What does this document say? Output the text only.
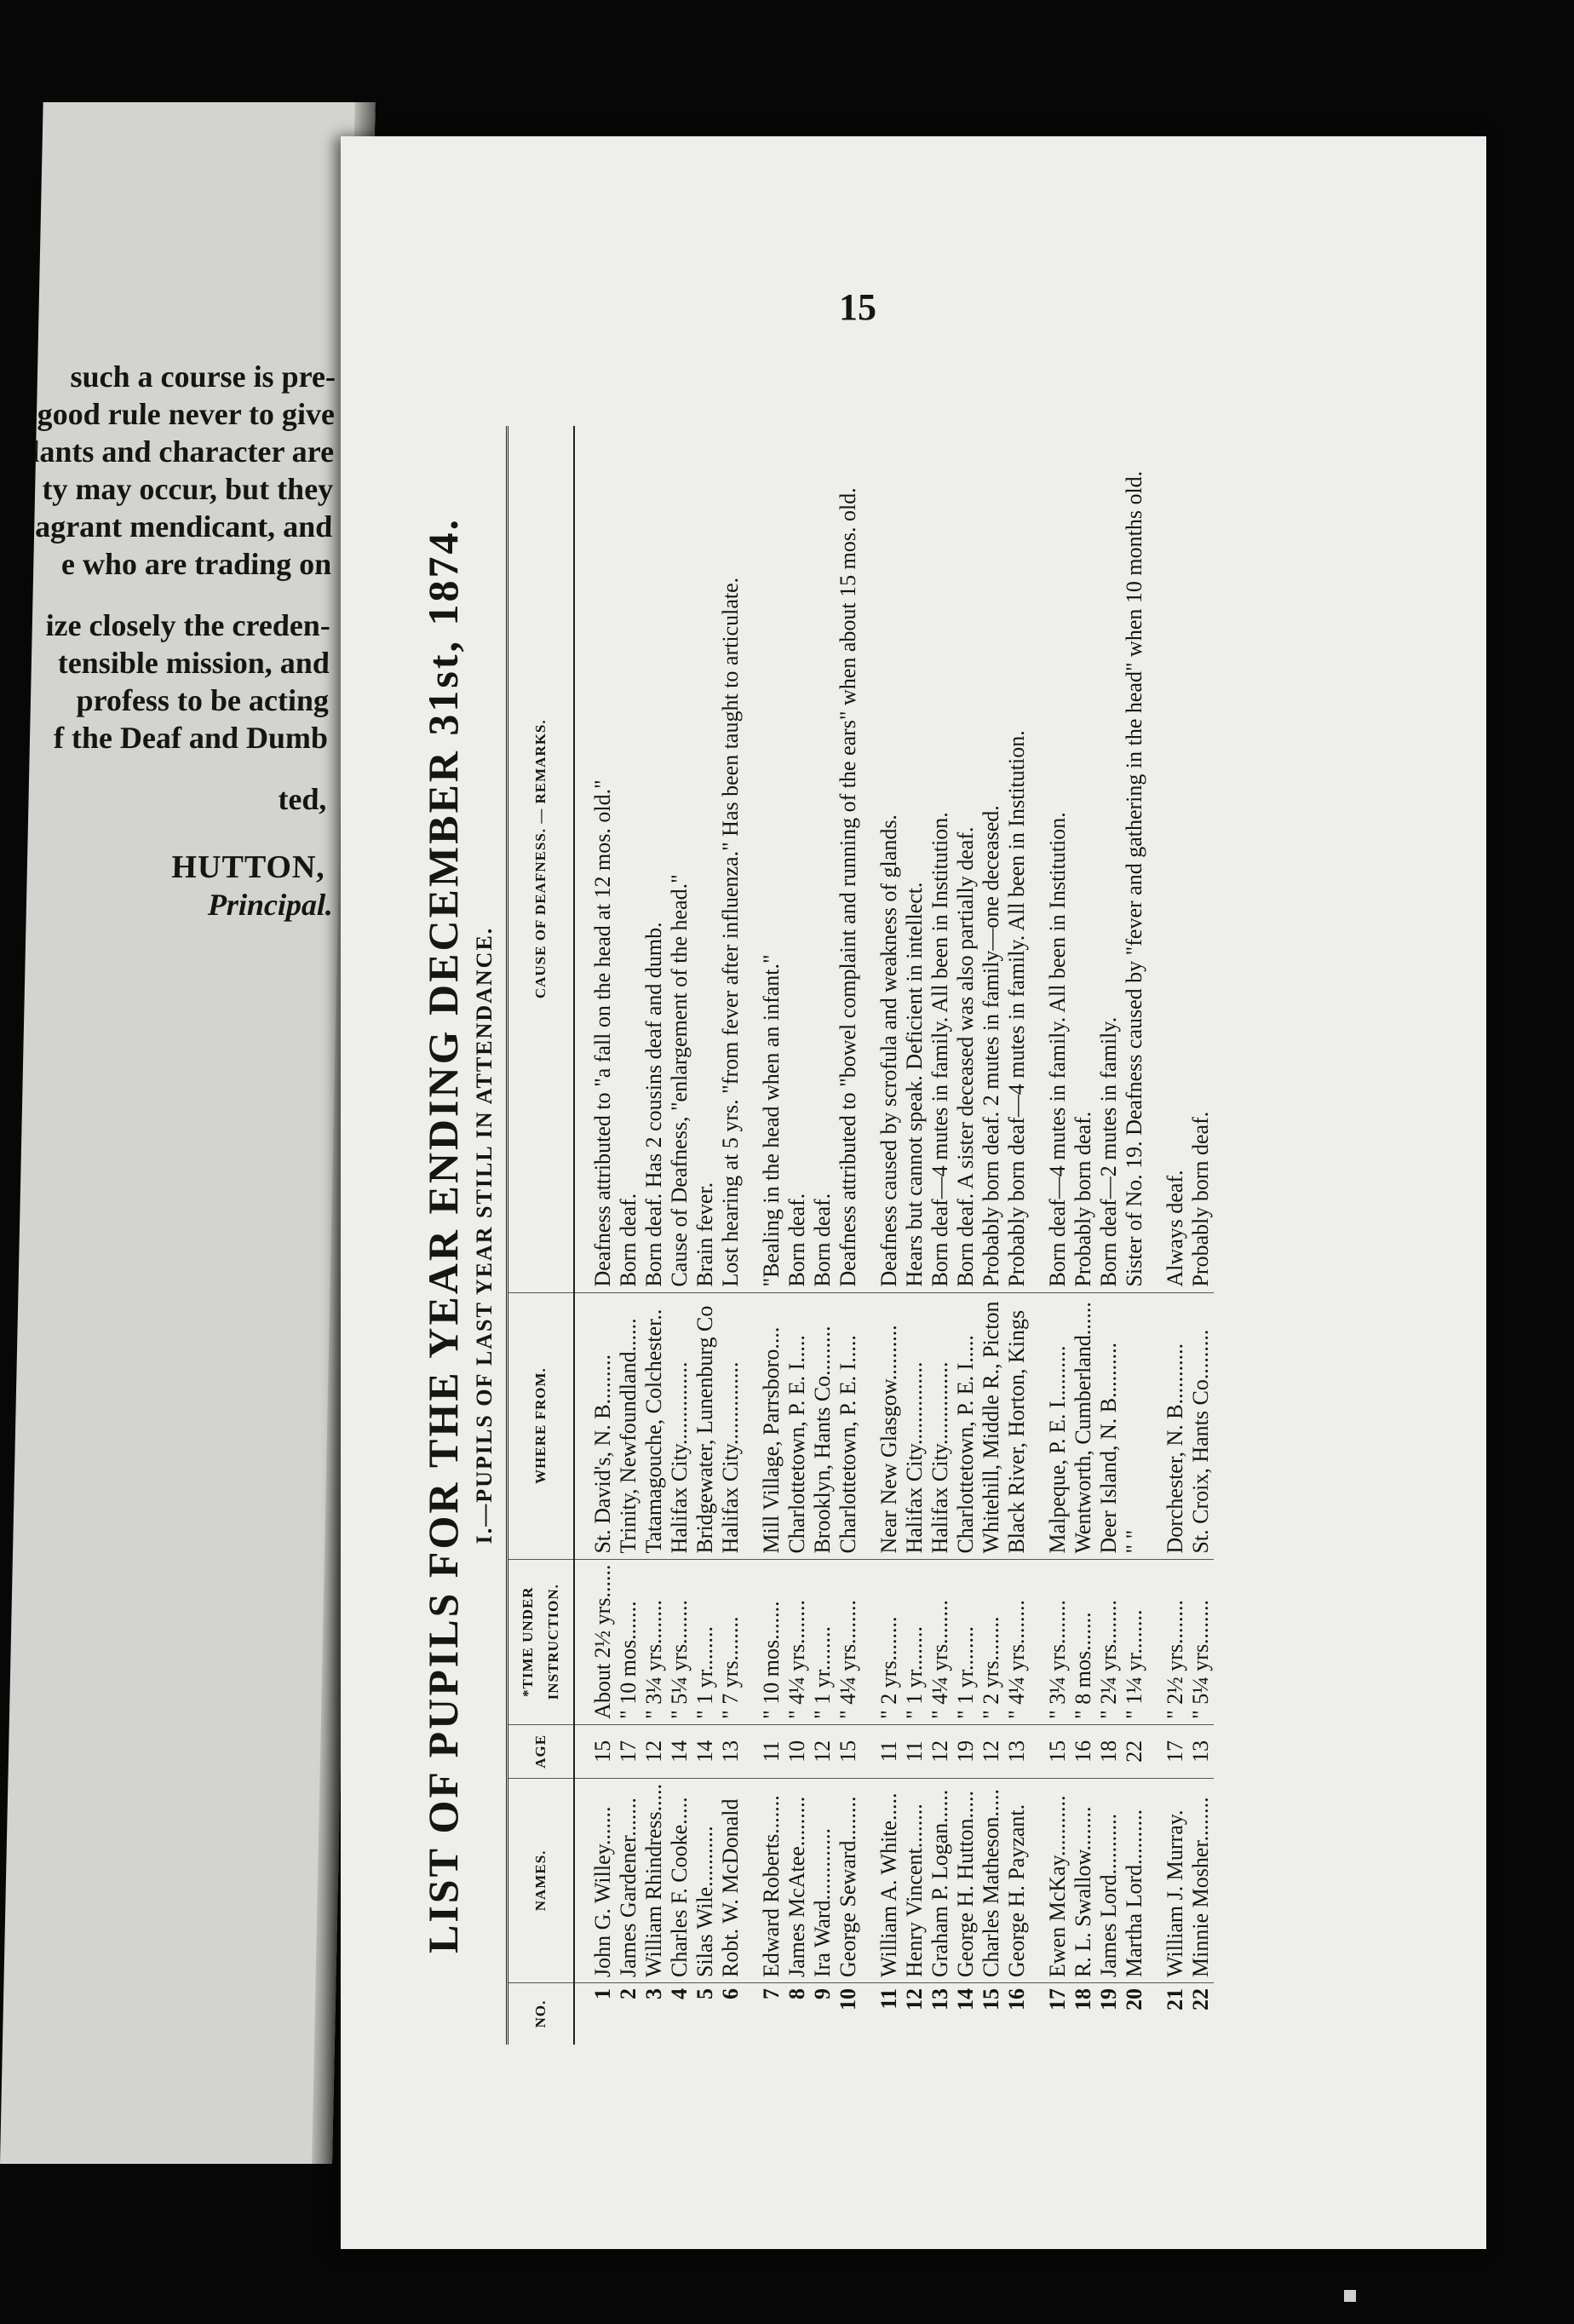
such a course is pre-
good rule never to give
lants and character are
ty may occur, but they
agrant mendicant, and
e who are trading on
ize closely the creden-
tensible mission, and
profess to be acting
f the Deaf and Dumb
ted,
HUTTON,
Principal.
15
LIST OF PUPILS FOR THE YEAR ENDING DECEMBER 31st, 1874. I.—PUPILS OF LAST YEAR STILL IN ATTENDANCE.
NO.	NAMES.	AGE	*TIME UNDER INSTRUCTION.	WHERE FROM.	CAUSE OF DEAFNESS. — REMARKS.

1	John G. Willey.......	15	About 2½ yrs......	St. David's, N. B.........	Deafness attributed to "a fall on the head at 12 mos. old."
2	James Gardener.......	17	" 10 mos.......	Trinity, Newfoundland......	Born deaf.
3	William Rhindress.....	12	" 3¼ yrs........	Tatamagouche, Colchester..	Born deaf. Has 2 cousins deaf and dumb.
4	Charles F. Cooke.....	14	" 5¼ yrs........	Halifax City...............	Cause of Deafness, "enlargement of the head."
5	Silas Wile...........	14	" 1 yr........	Bridgewater, Lunenburg Co	Brain fever.
6	Robt. W. McDonald	13	" 7 yrs........	Halifax City...............	Lost hearing at 5 yrs. "from fever after influenza." Has been taught to articulate.

7	Edward Roberts.......	11	" 10 mos.......	Mill Village, Parrsboro....	"Bealing in the head when an infant."
8	James McAtee.........	10	" 4¼ yrs........	Charlottetown, P. E. I.....	Born deaf.
9	Ira Ward.............	12	" 1 yr........	Brooklyn, Hants Co.........	Born deaf.
10	George Seward........	15	" 4¼ yrs........	Charlottetown, P. E. I.....	Deafness attributed to "bowel complaint and running of the ears" when about 15 mos. old.

11	William A. White.....	11	" 2 yrs........	Near New Glasgow..........	Deafness caused by scrofula and weakness of glands.
12	Henry Vincent........	11	" 1 yr........	Halifax City...............	Hears but cannot speak. Deficient in intellect.
13	Graham P. Logan......	12	" 4¼ yrs........	Halifax City...............	Born deaf—4 mutes in family. All been in Institution.
14	George H. Hutton.....	19	" 1 yr........	Charlottetown, P. E. I.....	Born deaf. A sister deceased was also partially deaf.
15	Charles Matheson.....	12	" 2 yrs........	Whitehill, Middle R., Picton	Probably born deaf. 2 mutes in family—one deceased.
16	George H. Payzant.	13	" 4¼ yrs........	Black River, Horton, Kings	Probably born deaf—4 mutes in family. All been in Institution.

17	Ewen McKay...........	15	" 3¼ yrs........	Malpeque, P. E. I..........	Born deaf—4 mutes in family. All been in Institution.
18	R. L. Swallow........	16	" 8 mos.......	Wentworth, Cumberland......	Probably born deaf.
19	James Lord...........	18	" 2¼ yrs........	Deer Island, N. B..........	Born deaf—2 mutes in family.
20	Martha Lord..........	22	" 1¼ yr........	" "	Sister of No. 19. Deafness caused by "fever and gathering in the head" when 10 months old.

21	William J. Murray.	17	" 2½ yrs........	Dorchester, N. B...........	Always deaf.
22	Minnie Mosher........	13	" 5¼ yrs........	St. Croix, Hants Co.........	Probably born deaf.
